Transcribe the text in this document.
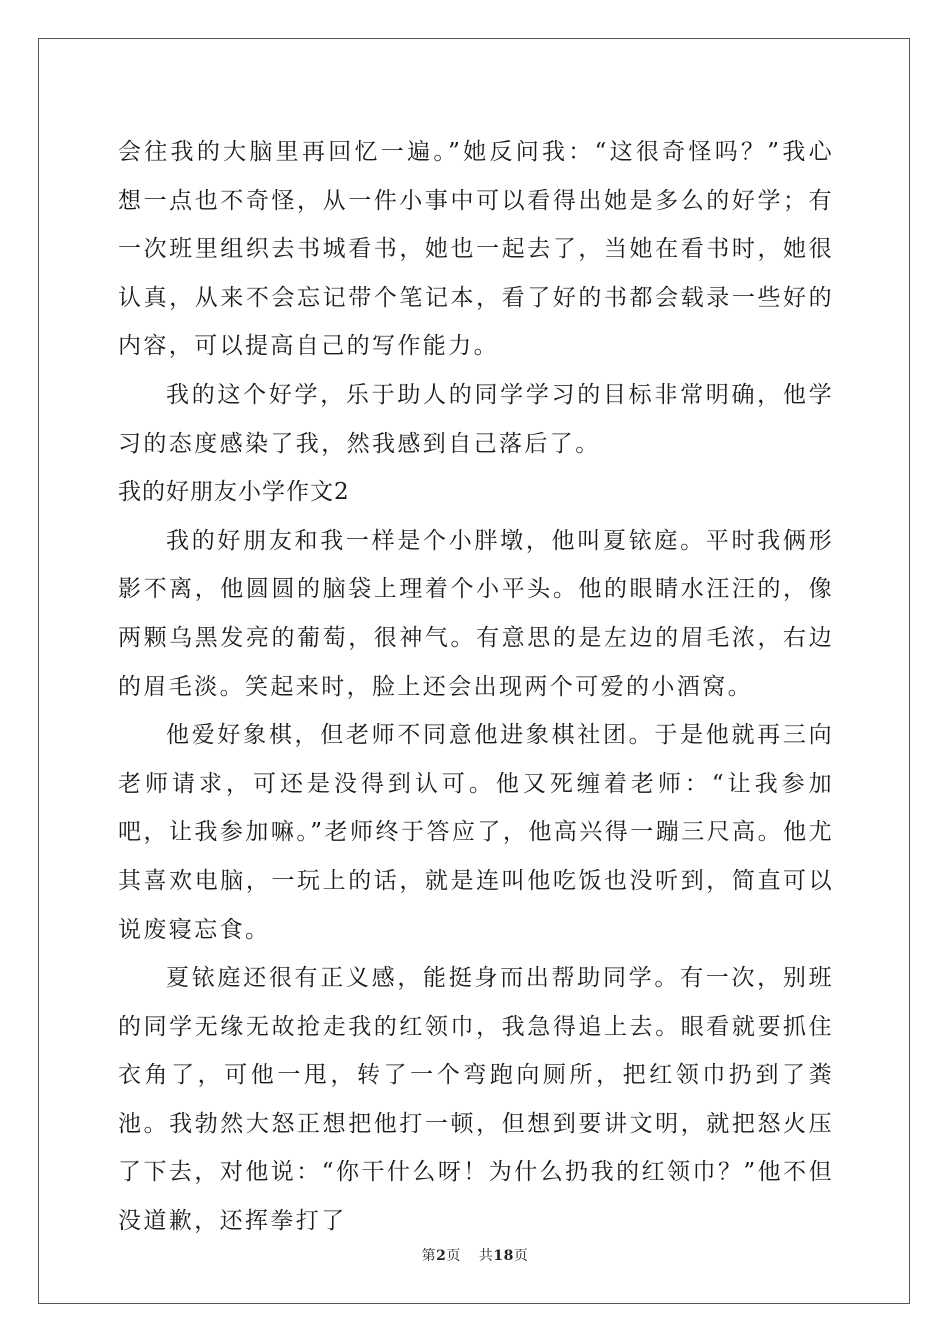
会往我的大脑里再回忆一遍。”她反问我：“这很奇怪吗？”我心想一点也不奇怪，从一件小事中可以看得出她是多么的好学；有一次班里组织去书城看书，她也一起去了，当她在看书时，她很认真，从来不会忘记带个笔记本，看了好的书都会载录一些好的内容，可以提高自己的写作能力。

我的这个好学，乐于助人的同学学习的目标非常明确，他学习的态度感染了我，然我感到自己落后了。

我的好朋友小学作文2

我的好朋友和我一样是个小胖墩，他叫夏铱庭。平时我俩形影不离，他圆圆的脑袋上理着个小平头。他的眼睛水汪汪的，像两颗乌黑发亮的葡萄，很神气。有意思的是左边的眉毛浓，右边的眉毛淡。笑起来时，脸上还会出现两个可爱的小酒窝。

他爱好象棋，但老师不同意他进象棋社团。于是他就再三向老师请求，可还是没得到认可。他又死缠着老师：“让我参加吧，让我参加嘛。”老师终于答应了，他高兴得一蹦三尺高。他尤其喜欢电脑，一玩上的话，就是连叫他吃饭也没听到，简直可以说废寝忘食。

夏铱庭还很有正义感，能挺身而出帮助同学。有一次，别班的同学无缘无故抢走我的红领巾，我急得追上去。眼看就要抓住衣角了，可他一甩，转了一个弯跑向厕所，把红领巾扔到了粪池。我勃然大怒正想把他打一顿，但想到要讲文明，就把怒火压了下去，对他说：“你干什么呀！为什么扔我的红领巾？”他不但没道歉，还挥拳打了

第2页 共18页
